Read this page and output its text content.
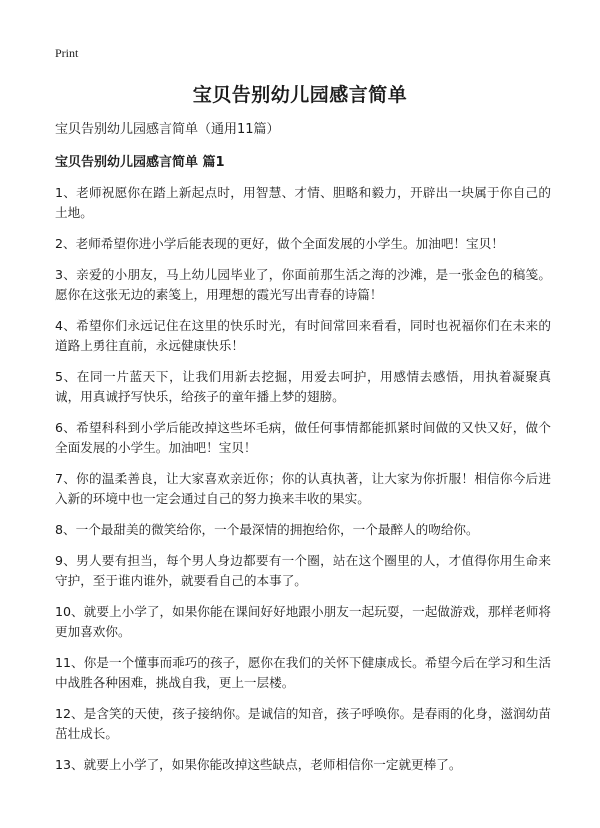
Print
宝贝告别幼儿园感言简单

宝贝告别幼儿园感言简单（通用11篇）

宝贝告别幼儿园感言简单 篇1

1、老师祝愿你在踏上新起点时，用智慧、才情、胆略和毅力，开辟出一块属于你自己的土地。

2、老师希望你进小学后能表现的更好，做个全面发展的小学生。加油吧！宝贝！

3、亲爱的小朋友，马上幼儿园毕业了，你面前那生活之海的沙滩，是一张金色的稿笺。愿你在这张无边的素笺上，用理想的霞光写出青春的诗篇！

4、希望你们永远记住在这里的快乐时光，有时间常回来看看，同时也祝福你们在未来的道路上勇往直前，永远健康快乐！

5、在同一片蓝天下，让我们用新去挖掘，用爱去呵护，用感情去感悟，用执着凝聚真诚，用真诚抒写快乐，给孩子的童年播上梦的翅膀。

6、希望科科到小学后能改掉这些坏毛病，做任何事情都能抓紧时间做的又快又好，做个全面发展的小学生。加油吧！宝贝！

7、你的温柔善良，让大家喜欢亲近你；你的认真执著，让大家为你折服！相信你今后进入新的环境中也一定会通过自己的努力换来丰收的果实。

8、一个最甜美的微笑给你，一个最深情的拥抱给你，一个最醉人的吻给你。

9、男人要有担当，每个男人身边都要有一个圈，站在这个圈里的人，才值得你用生命来守护，至于谁内谁外，就要看自己的本事了。

10、就要上小学了，如果你能在课间好好地跟小朋友一起玩耍，一起做游戏，那样老师将更加喜欢你。

11、你是一个懂事而乖巧的孩子，愿你在我们的关怀下健康成长。希望今后在学习和生活中战胜各种困难，挑战自我，更上一层楼。

12、是含笑的天使，孩子接纳你。是诚信的知音，孩子呼唤你。是春雨的化身，滋润幼苗茁壮成长。

13、就要上小学了，如果你能改掉这些缺点，老师相信你一定就更棒了。
